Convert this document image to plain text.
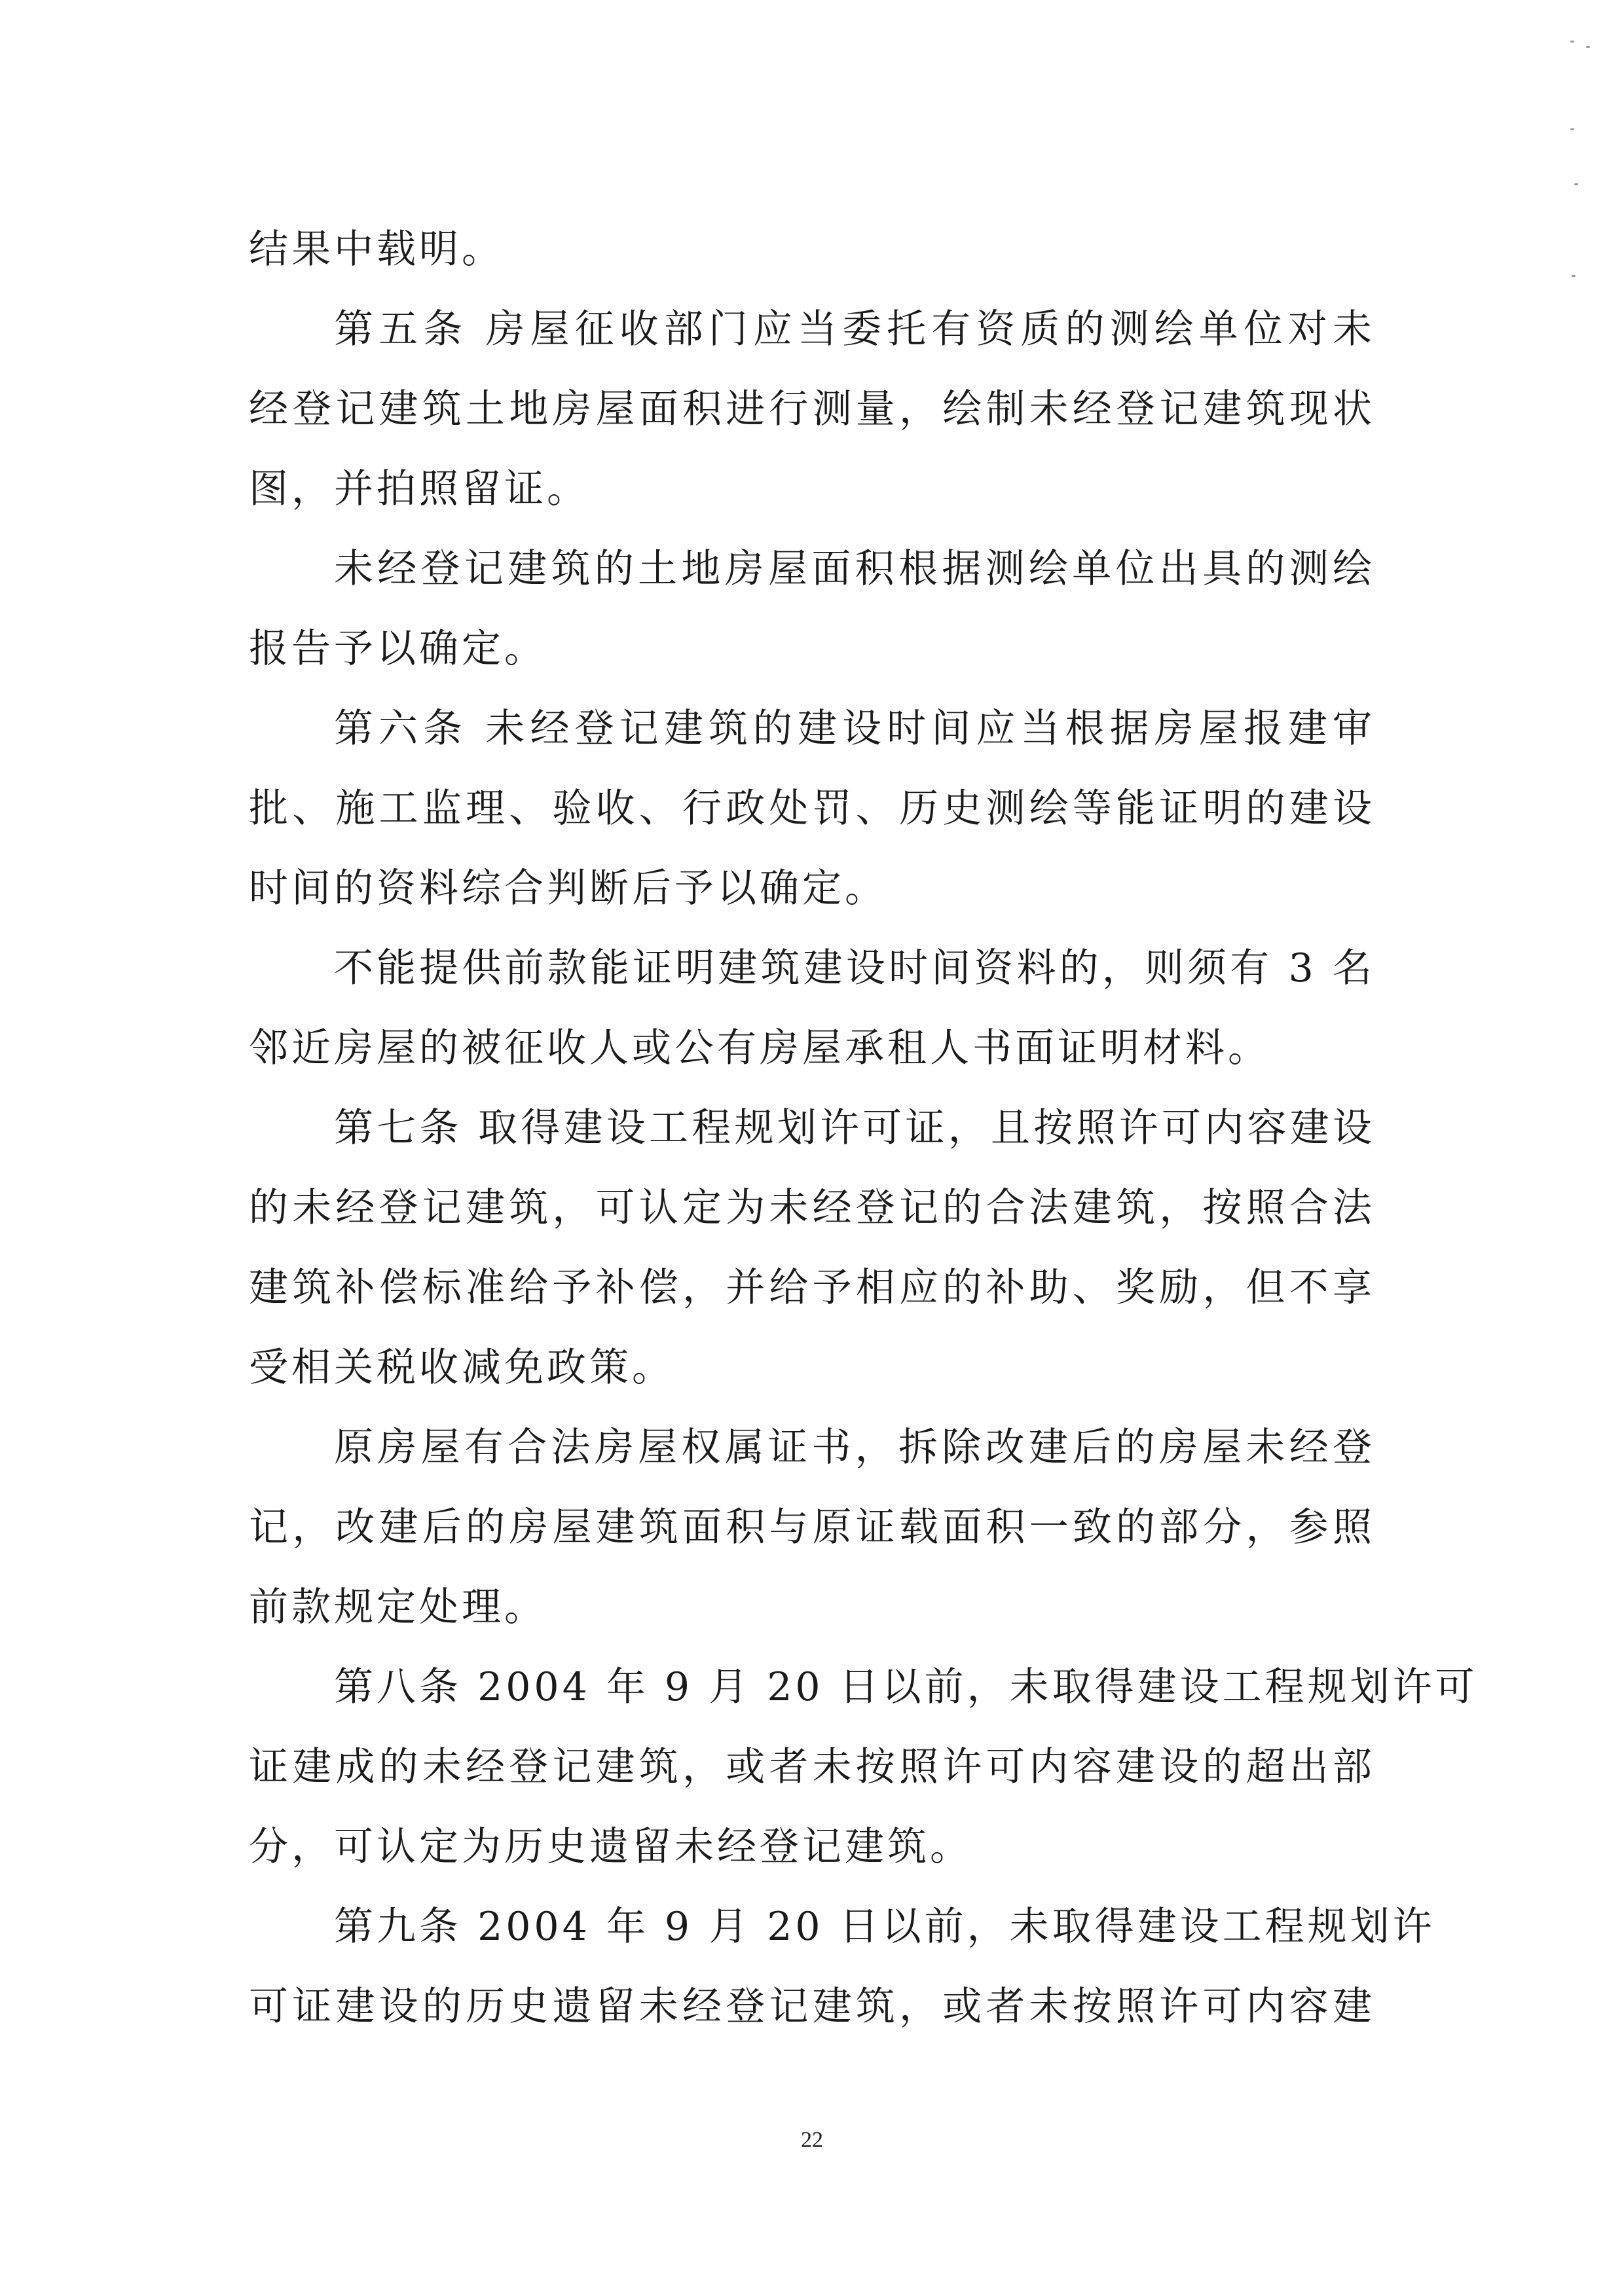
结果中载明。
第五条 房屋征收部门应当委托有资质的测绘单位对未
经登记建筑土地房屋面积进行测量，绘制未经登记建筑现状
图，并拍照留证。
未经登记建筑的土地房屋面积根据测绘单位出具的测绘
报告予以确定。
第六条 未经登记建筑的建设时间应当根据房屋报建审
批、施工监理、验收、行政处罚、历史测绘等能证明的建设
时间的资料综合判断后予以确定。
不能提供前款能证明建筑建设时间资料的，则须有 3 名
邻近房屋的被征收人或公有房屋承租人书面证明材料。
第七条 取得建设工程规划许可证，且按照许可内容建设
的未经登记建筑，可认定为未经登记的合法建筑，按照合法
建筑补偿标准给予补偿，并给予相应的补助、奖励，但不享
受相关税收减免政策。
原房屋有合法房屋权属证书，拆除改建后的房屋未经登
记，改建后的房屋建筑面积与原证载面积一致的部分，参照
前款规定处理。
第八条 2004 年 9 月 20 日以前，未取得建设工程规划许可
证建成的未经登记建筑，或者未按照许可内容建设的超出部
分，可认定为历史遗留未经登记建筑。
第九条 2004 年 9 月 20 日以前，未取得建设工程规划许
可证建设的历史遗留未经登记建筑，或者未按照许可内容建
22
